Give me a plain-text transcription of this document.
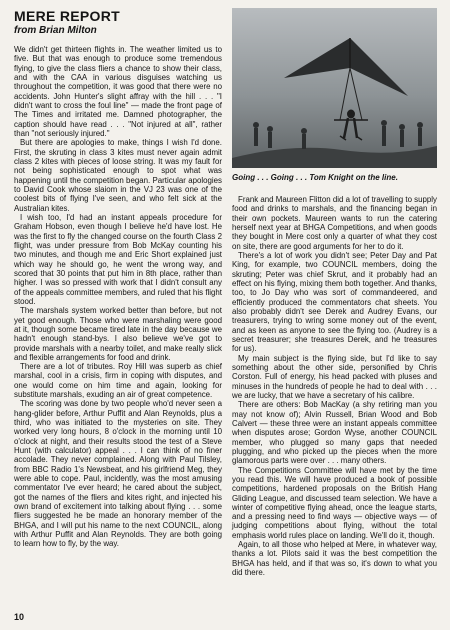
MERE REPORT
from Brian Milton

We didn't get thirteen flights in. The weather limited us to five. But that was enough to produce some tremendous flying, to give the class fliers a chance to show their class, and with the CAA in various disguises watching us throughout the competition, it was good that there were no accidents. John Hunter's slight affray with the hill . . . "I didn't want to cross the foul line" — made the front page of The Times and irritated me. Damned photographer, the caption should have read . . . "Not injured at all", rather than "not seriously injured."

But there are apologies to make, things I wish I'd done. First, the skruting in class 3 kites must never again admit class 2 kites with pieces of loose string. It was my fault for not being sophisticated enough to spot what was happening until the competition began. Particular apologies to David Cook whose slaiom in the VJ 23 was one of the coolest bits of flying I've seen, and who felt sick at the Australian kites.

I wish too, I'd had an instant appeals procedure for Graham Hobson, even though I believe he'd have lost. He was the first to fly the changed course on the fourth Class 2 flight, was under pressure from Bob McKay counting his two minutes, and though me and Eric Short explained just which way he should go, he went the wrong way, and scored that 30 points that put him in 8th place, rather than higher. I was so pressed with work that I didn't consult any of the appeals committee members, and ruled that his flight stood.

The marshals system worked better than before, but not yet good enough. Those who were marshaling were good at it, though some became tired late in the day because we hadn't enough stand-bys. I also believe we've got to provide marshals with a nearby toilet, and make really slick and flexible arrangements for food and drink.

There are a lot of tributes. Roy Hill was superb as chief marshal, cool in a crisis, firm in coping with disputes, and one would come on him time and again, looking for substitute marshals, exuding an air of great competence.

The scoring was done by two people who'd never seen a hang-glider before, Arthur Puffit and Alan Reynolds, plus a third, who was initiated to the mysteries on site. They worked very long hours, 8 o'clock in the morning until 10 o'clock at night, and their results stood the test of a Steve Hunt (with calculator) appeal . . . I can think of no finer accolade. They never complained. Along with Paul Tilsley, from BBC Radio 1's Newsbeat, and his girlfriend Meg, they were able to cope. Paul, incidently, was the most amusing commentator I've ever heard; he cared about the subject, got the names of the fliers and kites right, and injected his own brand of excitement into talking about flying . . . some fliers suggested he be made an honorary member of the BHGA, and I will put his name to the next COUNCIL, along with Arthur Puffit and Alan Reynolds. They are both going to learn how to fly, by the way.

Going . . . Going . . . Tom Knight on the line.

Frank and Maureen Flitton did a lot of travelling to supply food and drinks to marshals, and the financing began in their own pockets. Maureen wants to run the catering herself next year at BHGA Competitions, and when goods they bought in Mere cost only a quarter of what they cost on site, there are good arguments for her to do it.

There's a lot of work you didn't see; Peter Day and Pat King, for example, two COUNCIL members, doing the skruting; Peter was chief Skrut, and it probably had an effect on his flying, mixing them both together. And thanks, too, to Jo Day who was sort of commandeered, and efficiently produced the commentators chat sheets. You also probably didn't see Derek and Audrey Evans, our treasurers, trying to wring some money out of the event, and as keen as anyone to see the flying too. (Audrey is a secret treasurer; she treasures Derek, and he treasures for us).

My main subject is the flying side, but I'd like to say something about the other side, personified by Chris Corston. Full of energy, his head packed with pluses and minuses in the hundreds of people he had to deal with . . . we are lucky, that we have a secretary of his calibre.

There are others: Bob MacKay (a shy retiring man you may not know of); Alvin Russell, Brian Wood and Bob Calvert — these three were an instant appeals committee when disputes arose; Gordon Wyse, another COUNCIL member, who plugged so many gaps that needed plugging, and who picked up the pieces when the more glamorous parts were over . . . many others.

The Competitions Committee will have met by the time you read this. We will have produced a book of possible competitions, hardened proposals on the British Hang Gliding League, and discussed team selection. We have a winter of competitive flying ahead, once the league starts, and a pressing need to find ways — objective ways — of judging competitions about flying, without the total emphasis world rules place on landing. We'll do it, though.

Again, to all those who helped at Mere, in whatever way, thanks a lot. Pilots said it was the best competition the BHGA has held, and if that was so, it's down to what you did there.

10
